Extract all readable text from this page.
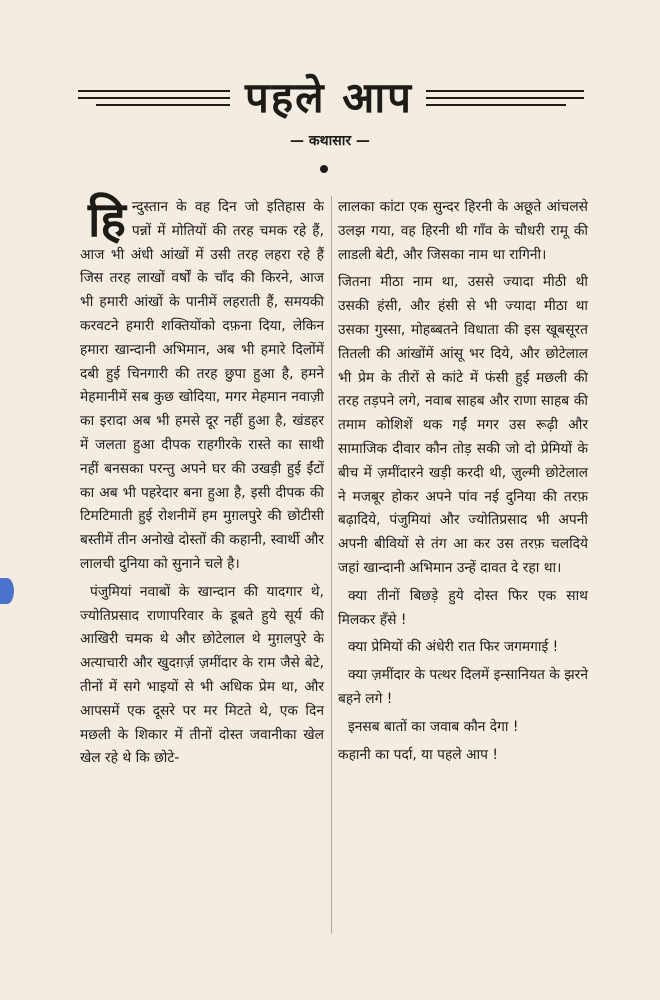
पहले आप
— कथासार —

हिन्दुस्तान के वह दिन जो इतिहास के पन्नों में मोतियों की तरह चमक रहे हैं, आज भी अंधी आंखों में उसी तरह लहरा रहे हैं जिस तरह लाखों वर्षों के चाँद की किरने, आज भी हमारी आंखों के पानीमें लहराती हैं, समयकी करवटने हमारी शक्तियोंको दफ़ना दिया, लेकिन हमारा खान्दानी अभिमान, अब भी हमारे दिलोंमें दबी हुई चिनगारी की तरह छुपा हुआ है, हमने मेहमानीमें सब कुछ खोदिया, मगर मेहमान नवाज़ी का इरादा अब भी हमसे दूर नहीं हुआ है, खंडहर में जलता हुआ दीपक राहगीरके रास्ते का साथी नहीं बनसका परन्तु अपने घर की उखड़ी हुई ईंटों का अब भी पहरेदार बना हुआ है, इसी दीपक की टिमटिमाती हुई रोशनीमें हम मुग़लपुरे की छोटीसी बस्तीमें तीन अनोखे दोस्तों की कहानी, स्वार्थी और लालची दुनिया को सुनाने चले है।

पंजुमियां नवाबों के खान्दान की यादगार थे, ज्योतिप्रसाद राणापरिवार के डूबते हुये सूर्य की आखिरी चमक थे और छोटेलाल थे मुग़लपुरे के अत्याचारी और खुदग़र्ज़ ज़मींदार के राम जैसे बेटे, तीनों में सगे भाइयों से भी अधिक प्रेम था, और आपसमें एक दूसरे पर मर मिटते थे, एक दिन मछली के शिकार में तीनों दोस्त जवानीका खेल खेल रहे थे कि छोटे-

लालका कांटा एक सुन्दर हिरनी के अछूते आंचलसे उलझ गया, वह हिरनी थी गाँव के चौधरी रामू की लाडली बेटी, और जिसका नाम था रागिनी।

जितना मीठा नाम था, उससे ज्यादा मीठी थी उसकी हंसी, और हंसी से भी ज्यादा मीठा था उसका गुस्सा, मोहब्बतने विधाता की इस खूबसूरत तितली की आंखोंमें आंसू भर दिये, और छोटेलाल भी प्रेम के तीरों से कांटे में फंसी हुई मछली की तरह तड़पने लगे, नवाब साहब और राणा साहब की तमाम कोशिशें थक गईं मगर उस रूढ़ी और सामाजिक दीवार कौन तोड़ सकी जो दो प्रेमियों के बीच में ज़मींदारने खड़ी करदी थी, ज़ुल्मी छोटेलाल ने मजबूर होकर अपने पांव नई दुनिया की तरफ़ बढ़ादिये, पंजुमियां और ज्योतिप्रसाद भी अपनी अपनी बीवियों से तंग आ कर उस तरफ़ चलदिये जहां खान्दानी अभिमान उन्हें दावत दे रहा था।

क्या तीनों बिछड़े हुये दोस्त फिर एक साथ मिलकर हँसे !

क्या प्रेमियों की अंधेरी रात फिर जगमगाई !

क्या ज़मींदार के पत्थर दिलमें इन्सानियत के झरने बहने लगे !

इनसब बातों का जवाब कौन देगा !

कहानी का पर्दा, या पहले आप !
